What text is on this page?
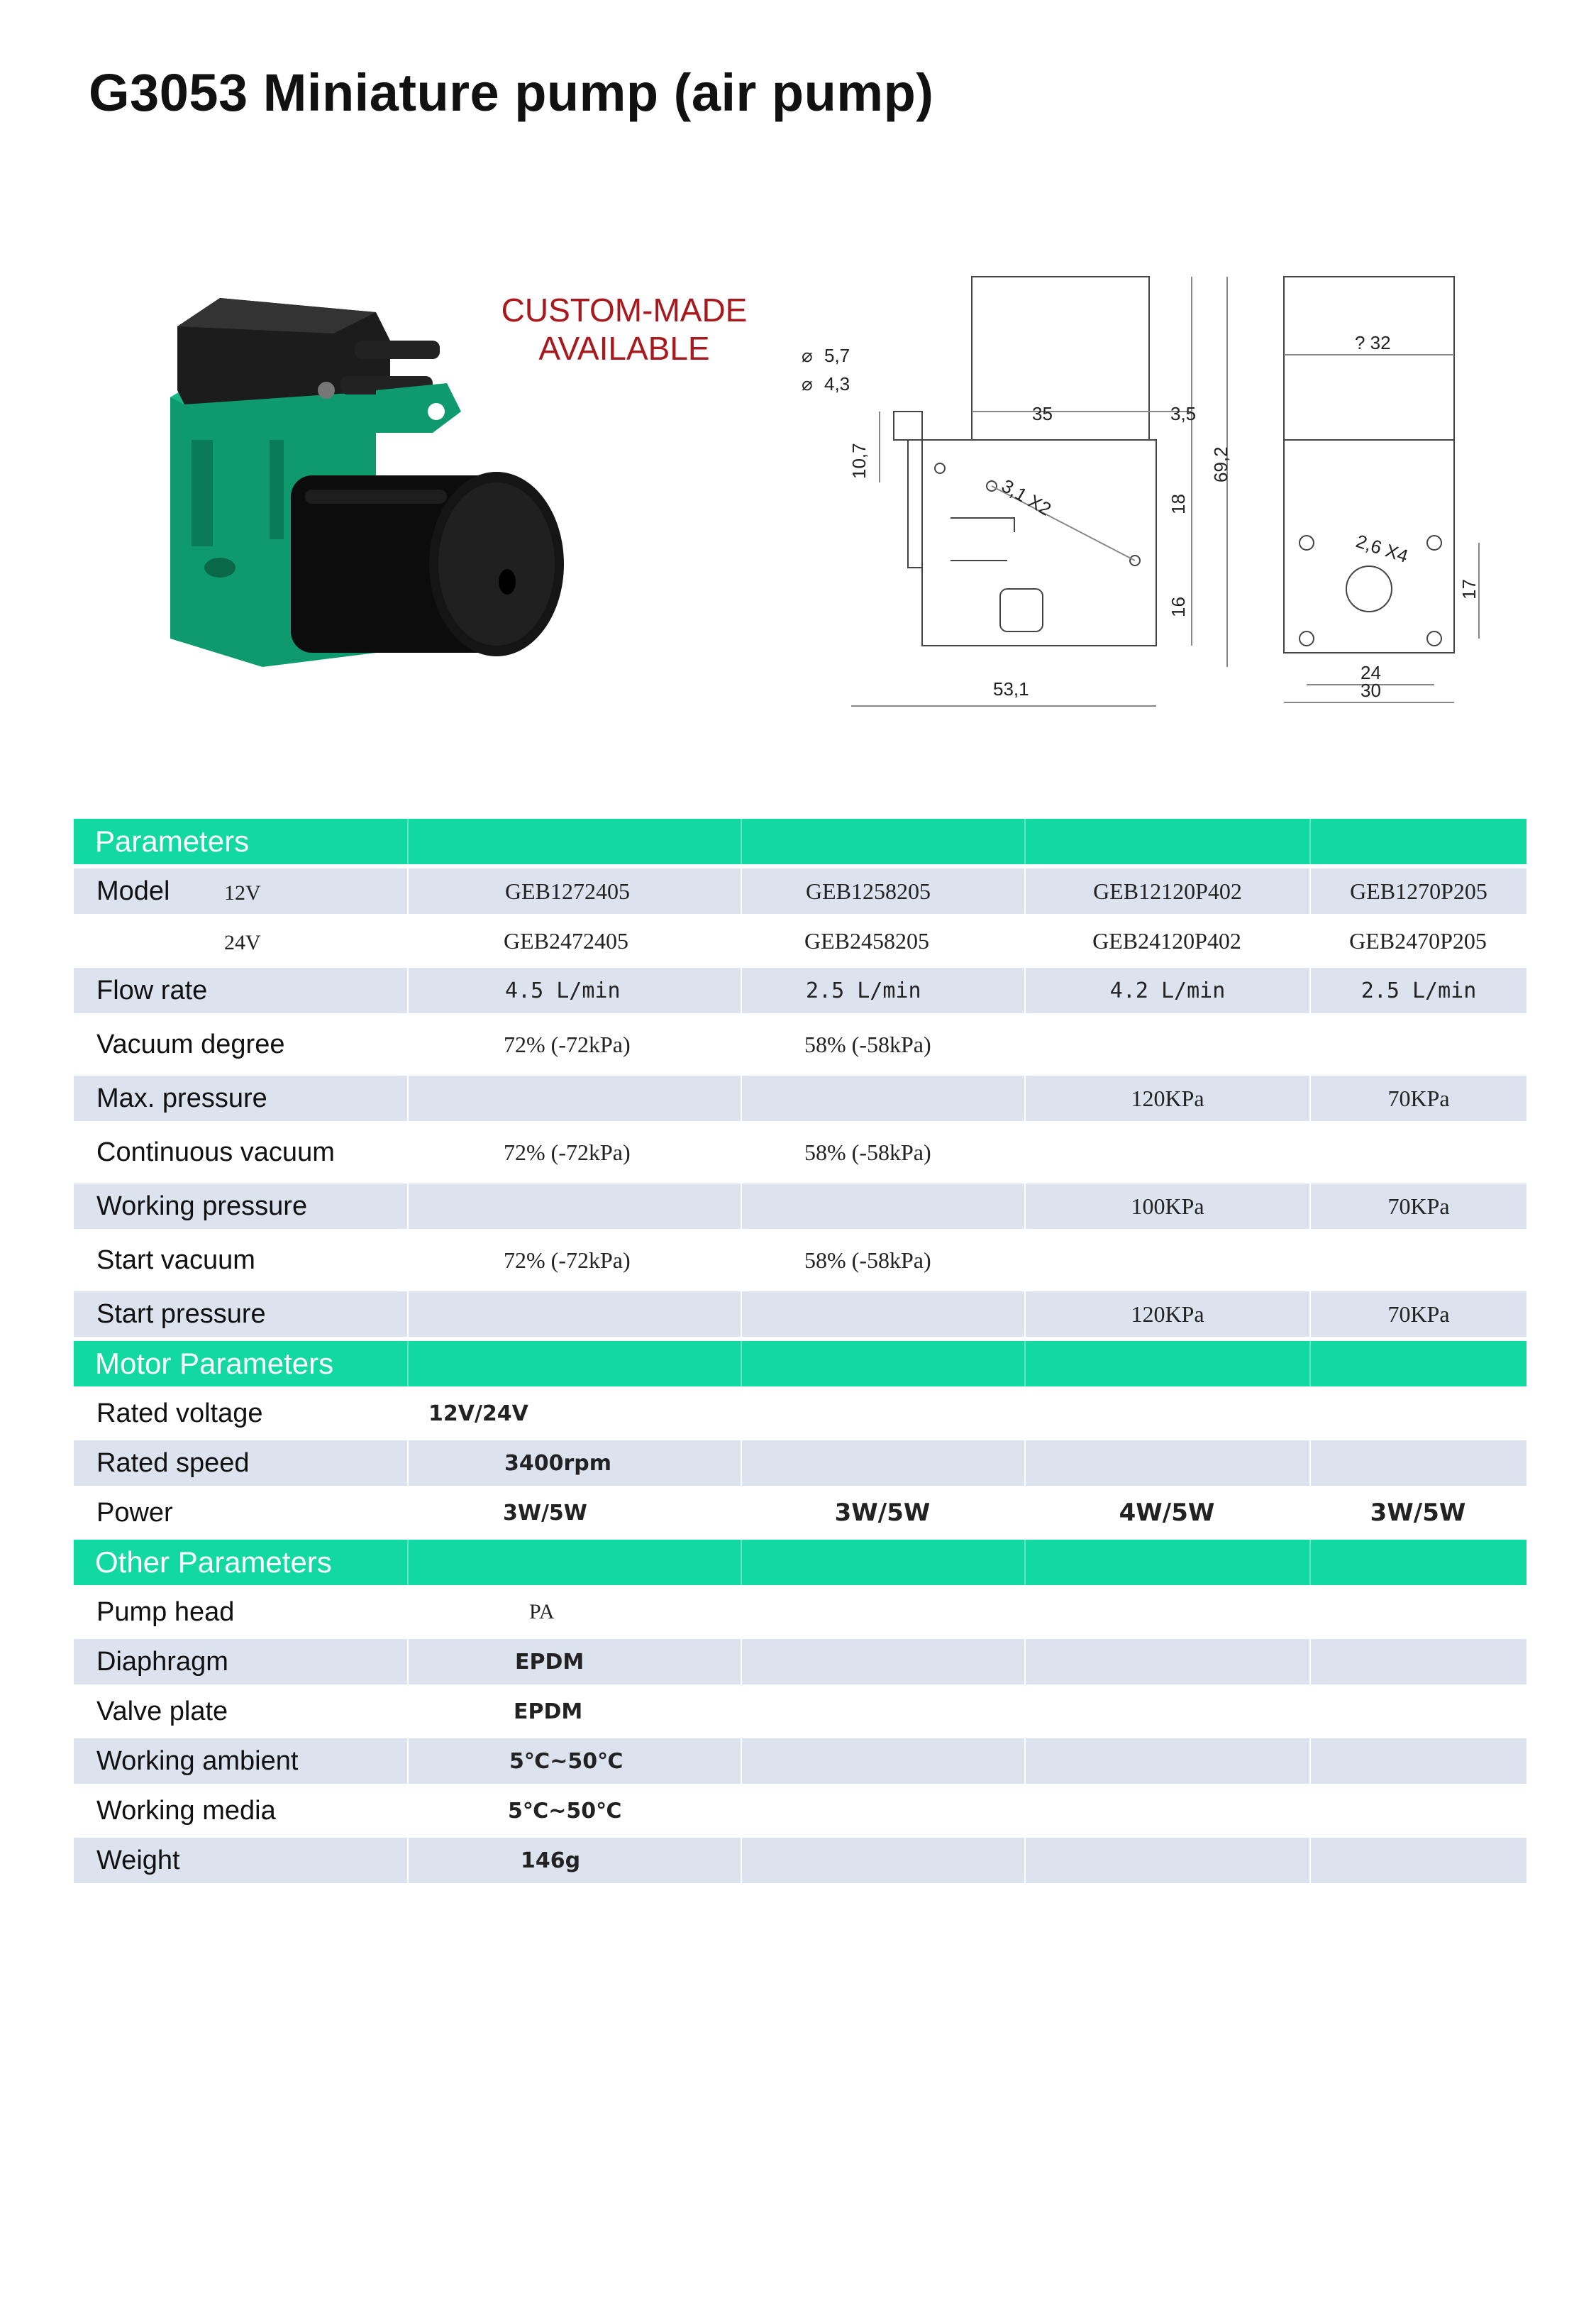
G3053 Miniature pump (air pump)
CUSTOM-MADE
AVAILABLE	⌀ 5,7
⌀ 4,3
10,7
35	3,5
69,2
3,1 X2	18
16
53,1
? 32
2,6 X4
17
24
30
Parameters				
Model 12V	GEB1272405	GEB1258205	GEB12120P402	GEB1270P205
24V	GEB2472405	GEB2458205	GEB24120P402	GEB2470P205
Flow rate	4.5 L/min	2.5 L/min	4.2 L/min	2.5 L/min
Vacuum degree	72% (-72kPa)	58% (-58kPa)		
Max. pressure			120KPa	70KPa
Continuous vacuum	72% (-72kPa)	58% (-58kPa)		
Working pressure			100KPa	70KPa
Start vacuum	72% (-72kPa)	58% (-58kPa)		
Start pressure			120KPa	70KPa
Motor Parameters				
Rated voltage	12V/24V			
Rated speed	3400rpm			
Power	3W/5W	3W/5W	4W/5W	3W/5W
Other Parameters				
Pump head	PA			
Diaphragm	EPDM			
Valve plate	EPDM			
Working ambient	5℃~50℃			
Working media	5℃~50℃			
Weight	146g			
